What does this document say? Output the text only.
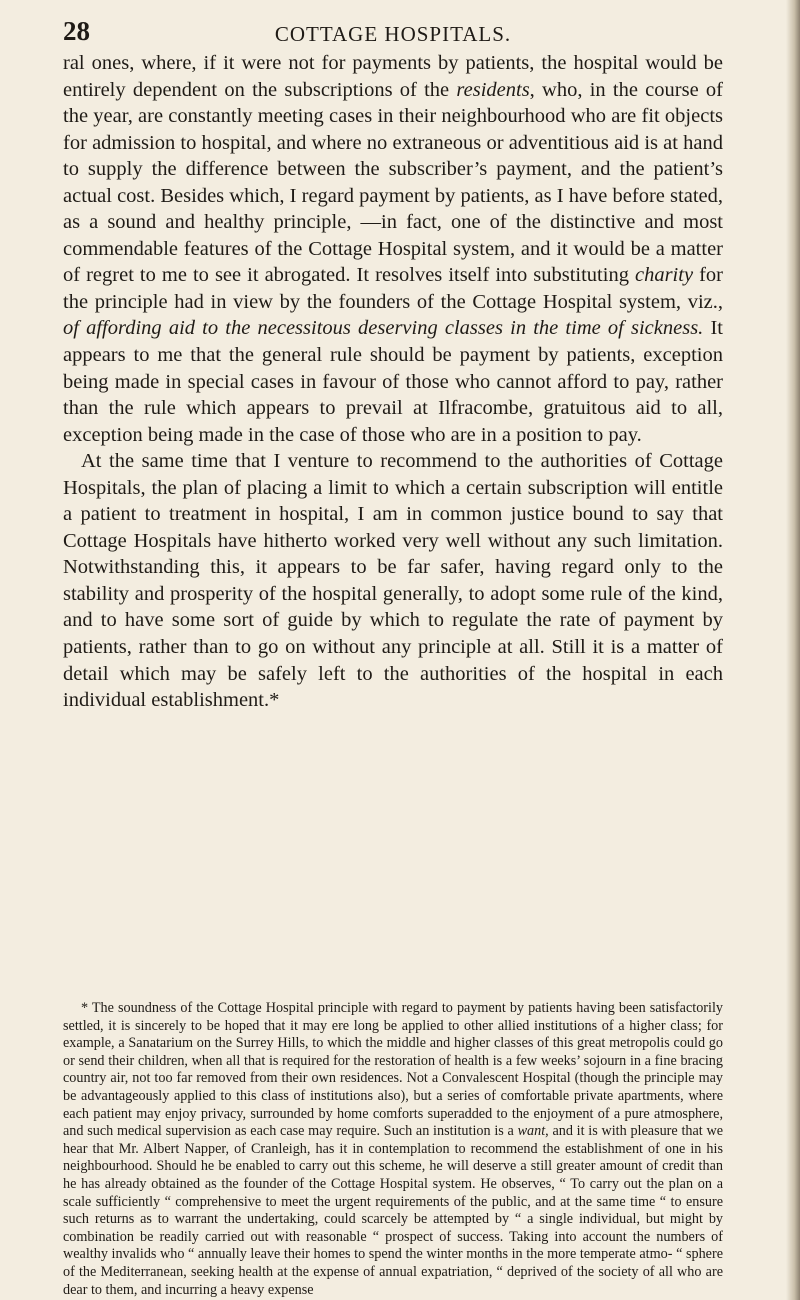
28	COTTAGE HOSPITALS.

ral ones, where, if it were not for payments by patients, the hospital would be entirely dependent on the subscriptions of the residents, who, in the course of the year, are constantly meeting cases in their neighbourhood who are fit objects for admission to hospital, and where no extraneous or adventitious aid is at hand to supply the difference between the subscriber’s payment, and the patient’s actual cost. Besides which, I regard payment by patients, as I have before stated, as a sound and healthy principle, —in fact, one of the distinctive and most commendable features of the Cottage Hospital system, and it would be a matter of regret to me to see it abrogated. It resolves itself into substituting charity for the principle had in view by the founders of the Cottage Hospital system, viz., of affording aid to the necessitous deserving classes in the time of sickness. It appears to me that the general rule should be payment by patients, exception being made in special cases in favour of those who cannot afford to pay, rather than the rule which appears to prevail at Ilfracombe, gratuitous aid to all, exception being made in the case of those who are in a position to pay.

At the same time that I venture to recommend to the authorities of Cottage Hospitals, the plan of placing a limit to which a certain subscription will entitle a patient to treatment in hospital, I am in common justice bound to say that Cottage Hospitals have hitherto worked very well without any such limitation. Notwithstanding this, it appears to be far safer, having regard only to the stability and prosperity of the hospital generally, to adopt some rule of the kind, and to have some sort of guide by which to regulate the rate of payment by patients, rather than to go on without any principle at all. Still it is a matter of detail which may be safely left to the authorities of the hospital in each individual establishment.*

* The soundness of the Cottage Hospital principle with regard to payment by patients having been satisfactorily settled, it is sincerely to be hoped that it may ere long be applied to other allied institutions of a higher class; for example, a Sanatarium on the Surrey Hills, to which the middle and higher classes of this great metropolis could go or send their children, when all that is required for the restoration of health is a few weeks’ sojourn in a fine bracing country air, not too far removed from their own residences. Not a Convalescent Hospital (though the principle may be advantageously applied to this class of institutions also), but a series of comfortable private apartments, where each patient may enjoy privacy, surrounded by home comforts superadded to the enjoyment of a pure atmosphere, and such medical supervision as each case may require. Such an institution is a want, and it is with pleasure that we hear that Mr. Albert Napper, of Cranleigh, has it in contemplation to recommend the establishment of one in his neighbourhood. Should he be enabled to carry out this scheme, he will deserve a still greater amount of credit than he has already obtained as the founder of the Cottage Hospital system. He observes, “ To carry out the plan on a scale sufficiently “ comprehensive to meet the urgent requirements of the public, and at the same time “ to ensure such returns as to warrant the undertaking, could scarcely be attempted by “ a single individual, but might by combination be readily carried out with reasonable “ prospect of success. Taking into account the numbers of wealthy invalids who “ annually leave their homes to spend the winter months in the more temperate atmo- “ sphere of the Mediterranean, seeking health at the expense of annual expatriation, “ deprived of the society of all who are dear to them, and incurring a heavy expense
